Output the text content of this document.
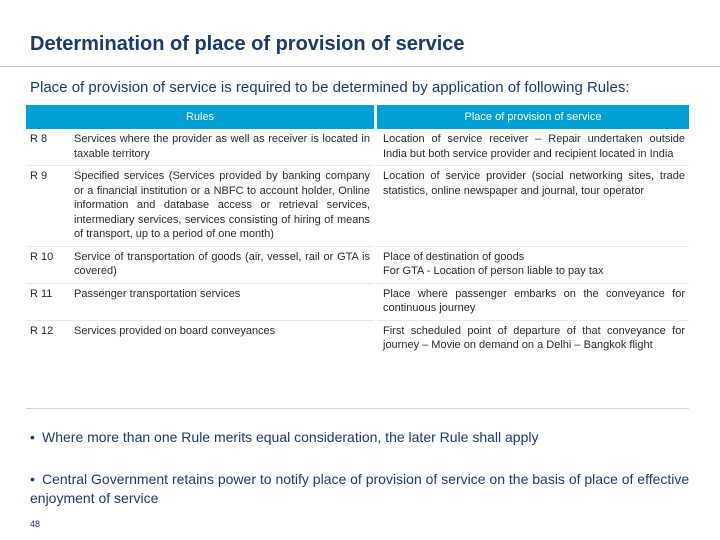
Determination of place of provision of service
Place of provision of service is required to be determined by application of following Rules:
Rules		Place of provision of service
R 8	Services where the provider as well as receiver is located in taxable territory	Location of service receiver – Repair undertaken outside India but both service provider and recipient located in India
R 9	Specified services (Services provided by banking company or a financial institution or a NBFC to account holder, Online information and database access or retrieval services, intermediary services, services consisting of hiring of means of transport, up to a period of one month)	Location of service provider (social networking sites, trade statistics, online newspaper and journal, tour operator
R 10	Service of transportation of goods (air, vessel, rail or GTA is covered)	Place of destination of goods
For GTA - Location of person liable to pay tax
R 11	Passenger transportation services	Place where passenger embarks on the conveyance for continuous journey
R 12	Services provided on board conveyances	First scheduled point of departure of that conveyance for journey – Movie on demand on a Delhi – Bangkok flight
• Where more than one Rule merits equal consideration, the later Rule shall apply
• Central Government retains power to notify place of provision of service on the basis of place of effective enjoyment of service
48
